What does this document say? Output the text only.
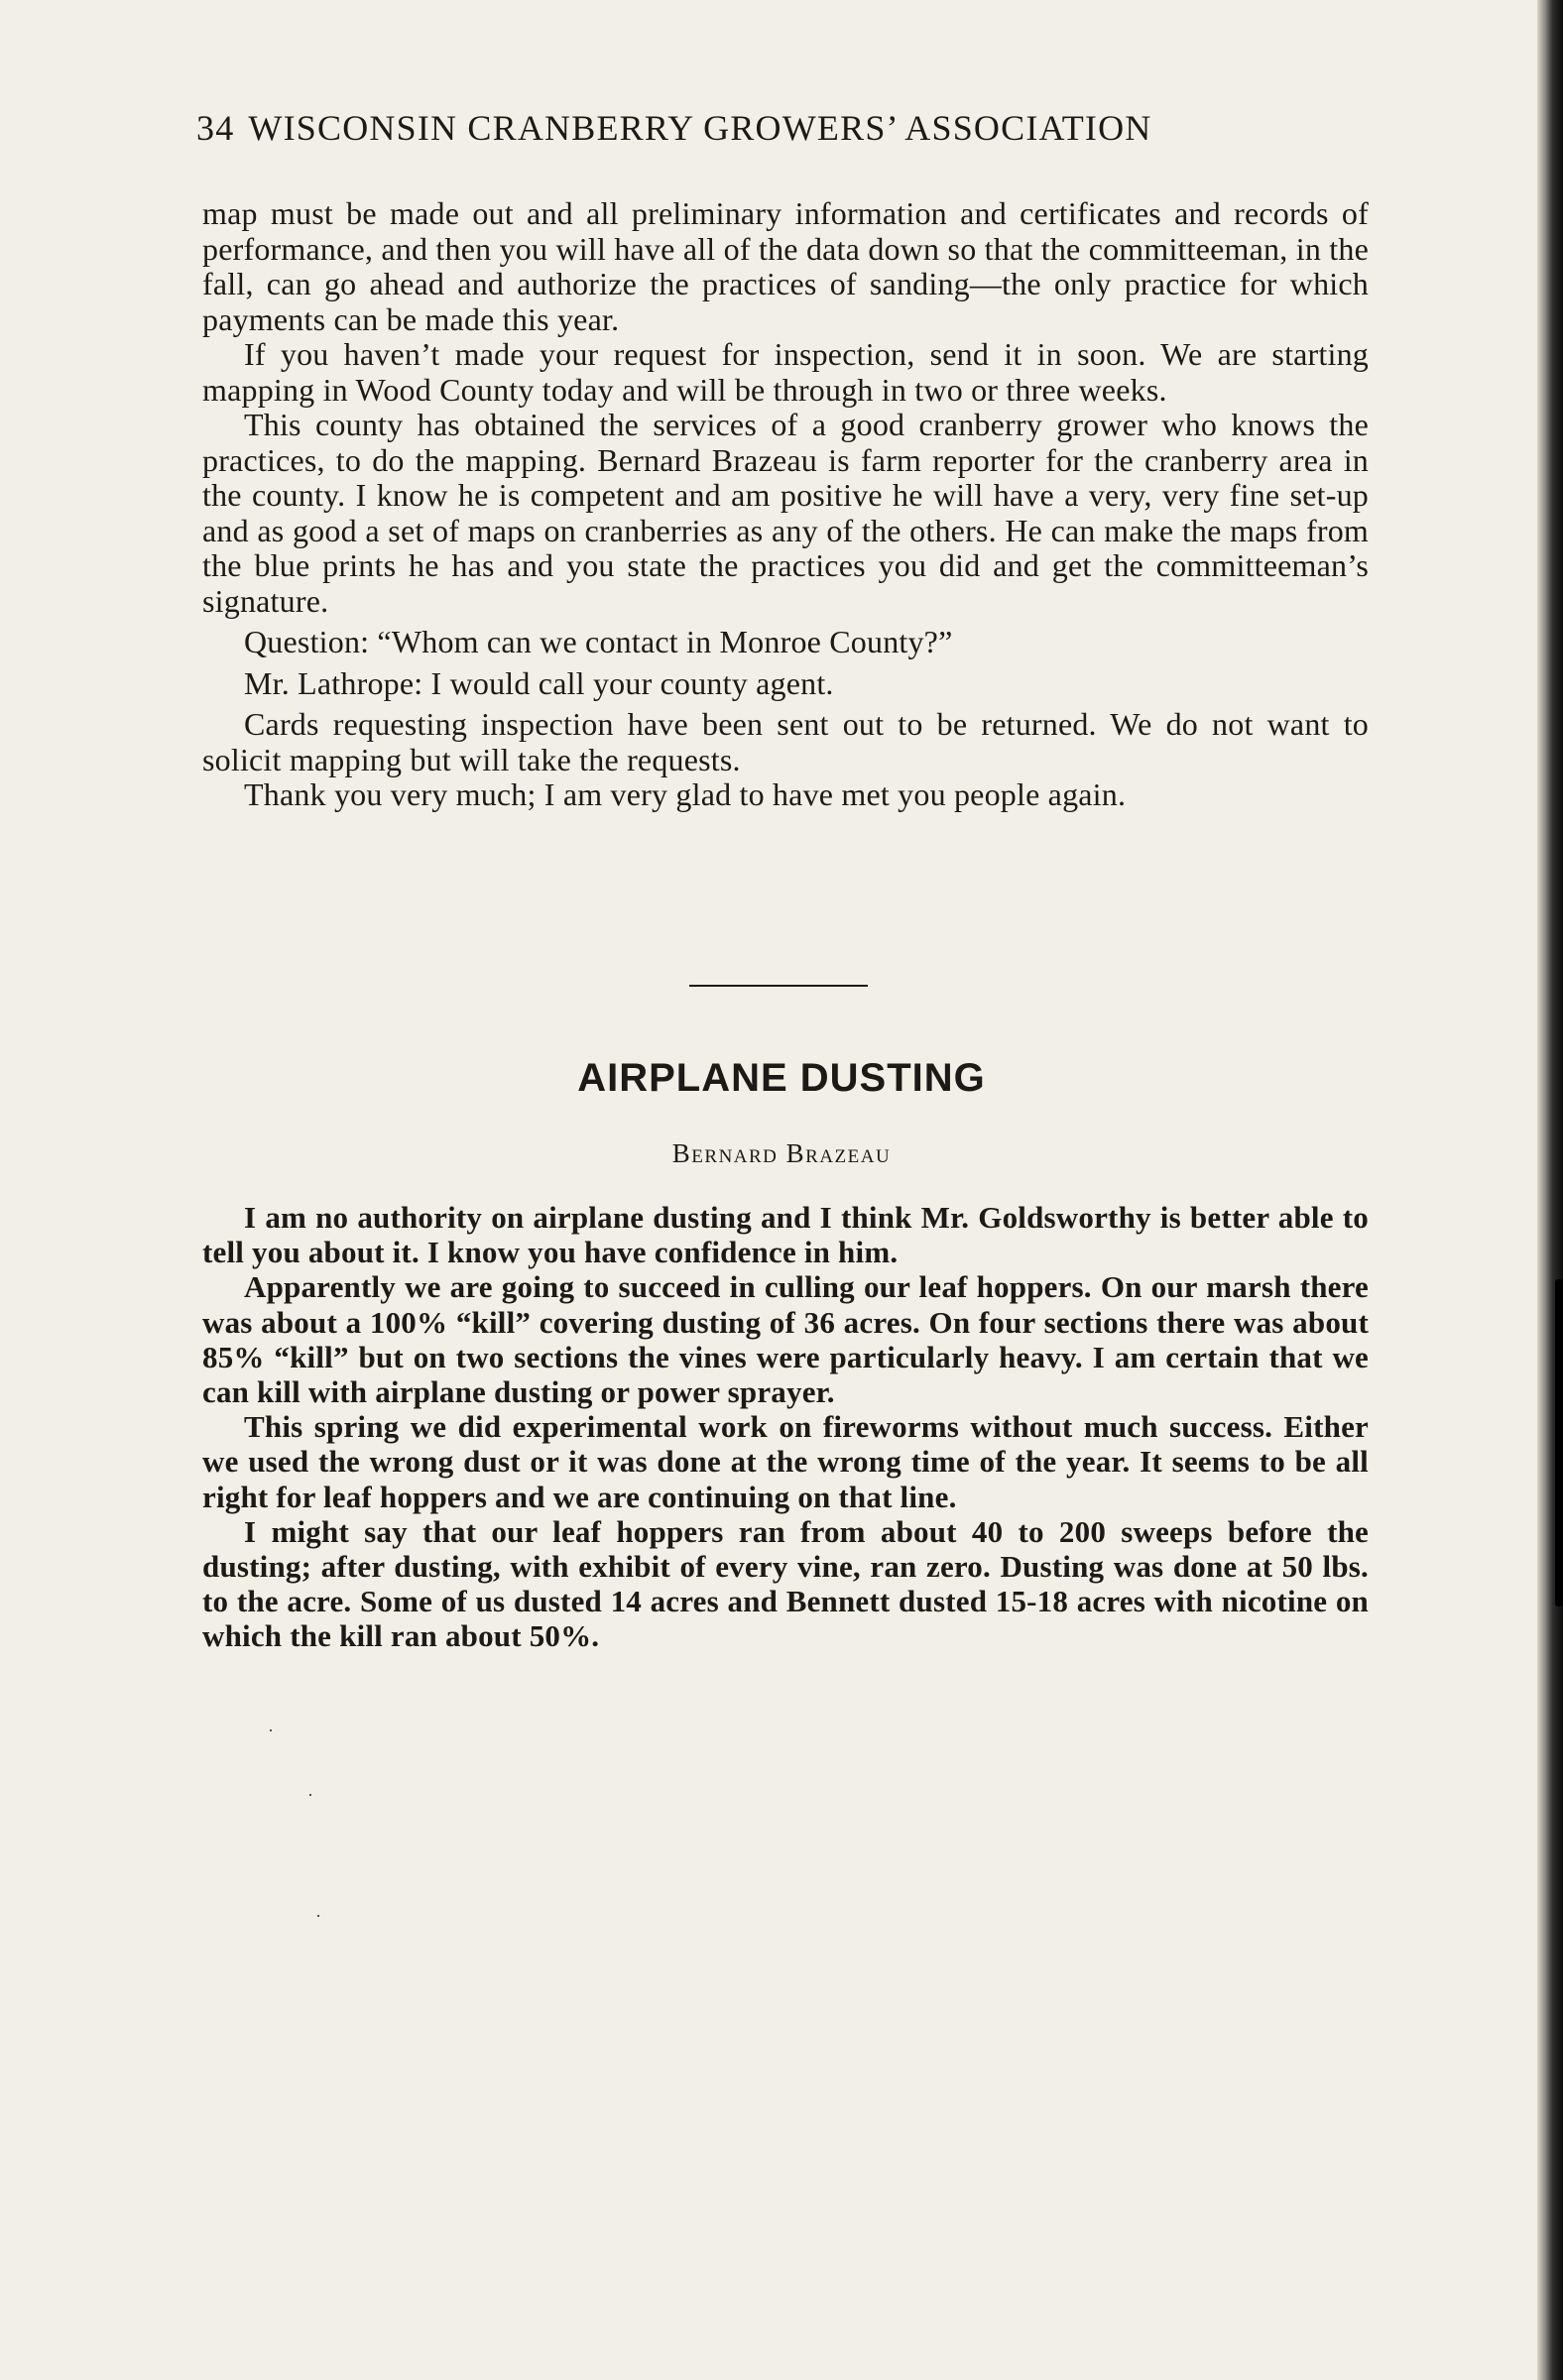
34 WISCONSIN CRANBERRY GROWERS’ ASSOCIATION

map must be made out and all preliminary information and certificates and records of performance, and then you will have all of the data down so that the committeeman, in the fall, can go ahead and authorize the practices of sanding—the only practice for which payments can be made this year.

If you haven’t made your request for inspection, send it in soon. We are starting mapping in Wood County today and will be through in two or three weeks.

This county has obtained the services of a good cranberry grower who knows the practices, to do the mapping. Bernard Brazeau is farm reporter for the cranberry area in the county. I know he is competent and am positive he will have a very, very fine set-up and as good a set of maps on cranberries as any of the others. He can make the maps from the blue prints he has and you state the practices you did and get the committeeman’s signature.

Question: “Whom can we contact in Monroe County?”

Mr. Lathrope: I would call your county agent.

Cards requesting inspection have been sent out to be returned. We do not want to solicit mapping but will take the requests.

Thank you very much; I am very glad to have met you people again.

AIRPLANE DUSTING
Bernard Brazeau

I am no authority on airplane dusting and I think Mr. Goldsworthy is better able to tell you about it. I know you have confidence in him.

Apparently we are going to succeed in culling our leaf hoppers. On our marsh there was about a 100% “kill” covering dusting of 36 acres. On four sections there was about 85% “kill” but on two sections the vines were particularly heavy. I am certain that we can kill with airplane dusting or power sprayer.

This spring we did experimental work on fireworms without much success. Either we used the wrong dust or it was done at the wrong time of the year. It seems to be all right for leaf hoppers and we are continuing on that line.

I might say that our leaf hoppers ran from about 40 to 200 sweeps before the dusting; after dusting, with exhibit of every vine, ran zero. Dusting was done at 50 lbs. to the acre. Some of us dusted 14 acres and Bennett dusted 15-18 acres with nicotine on which the kill ran about 50%.

·
·
·
